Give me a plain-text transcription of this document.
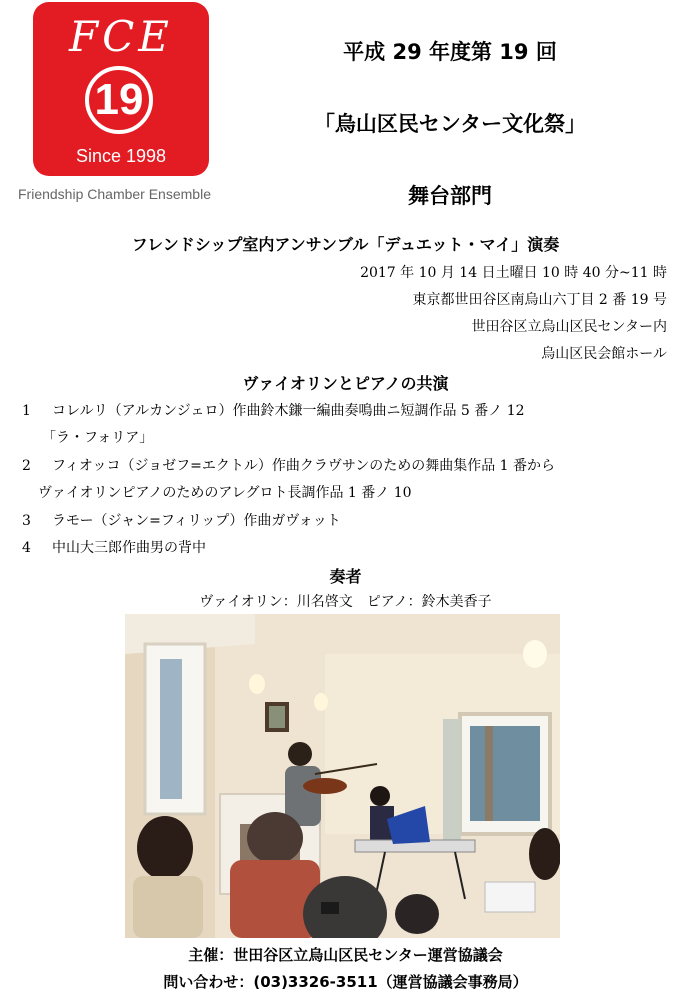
FCE
19
Since 1998
Friendship Chamber Ensemble
平成 29 年度第 19 回
「烏山区民センター文化祭」
舞台部門
フレンドシップ室内アンサンブル「デュエット・マイ」演奏
2017 年 10 月 14 日土曜日 10 時 40 分~11 時
東京都世田谷区南烏山六丁目 2 番 19 号
世田谷区立烏山区民センター内
烏山区民会館ホール
ヴァイオリンとピアノの共演
1 コレルリ（アルカンジェロ）作曲鈴木鎌一編曲奏鳴曲ニ短調作品 5 番ノ 12
「ラ・フォリア」
2 フィオッコ（ジョゼフ=エクトル）作曲クラヴサンのための舞曲集作品 1 番から
ヴァイオリンピアノのためのアレグロト長調作品 1 番ノ 10
3 ラモー（ジャン=フィリップ）作曲ガヴォット
4 中山大三郎作曲男の背中
奏者
ヴァイオリン：川名啓文　ピアノ：鈴木美香子
主催：世田谷区立烏山区民センター運営協議会
問い合わせ：(03)3326-3511（運営協議会事務局）
